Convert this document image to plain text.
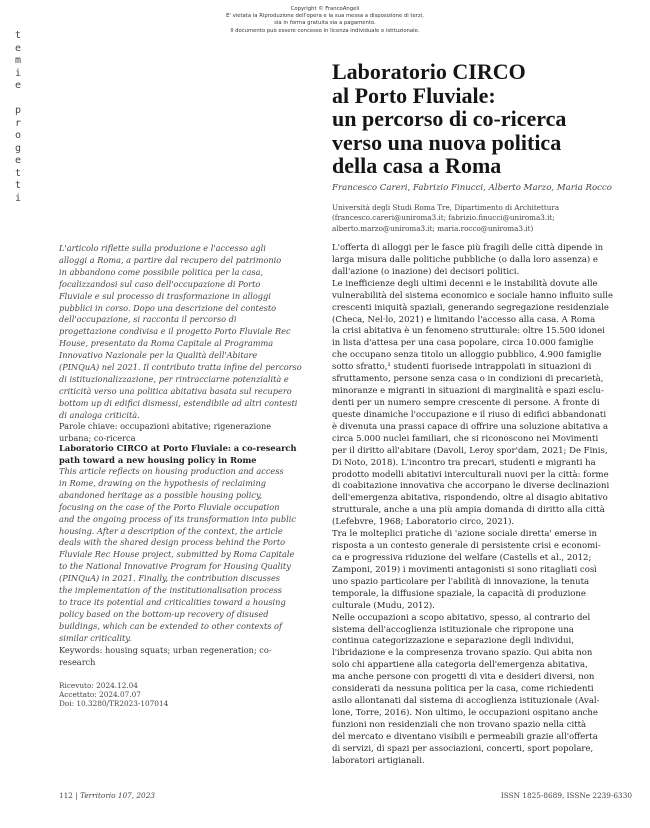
Copyright © FrancoAngeli
E' vietata la Riproduzione dell'opera e la sua messa a disposizione di terzi,
sia in forma gratuita sia a pagamento.
Il documento può essere concesso in licenza individuale o istituzionale.
t
e
m
i
e
p
r
o
g
e
t
t
i
Laboratorio CIRCO
al Porto Fluviale:
un percorso di co-ricerca
verso una nuova politica
della casa a Roma
Francesco Careri, Fabrizio Finucci, Alberto Marzo, Maria Rocco
Università degli Studi Roma Tre, Dipartimento di Architettura
(francesco.careri@uniroma3.it; fabrizio.finucci@uniroma3.it;
alberto.marzo@uniroma3.it; maria.rocco@uniroma3.it)
L'articolo riflette sulla produzione e l'accesso agli
alloggi a Roma, a partire dal recupero del patrimonio
in abbandono come possibile politica per la casa,
focalizzandosi sul caso dell'occupazione di Porto
Fluviale e sul processo di trasformazione in alloggi
pubblici in corso. Dopo una descrizione del contesto
dell'occupazione, si racconta il percorso di
progettazione condivisa e il progetto Porto Fluviale Rec
House, presentato da Roma Capitale al Programma
Innovativo Nazionale per la Qualità dell'Abitare
(PINQuA) nel 2021. Il contributo tratta infine del percorso
di istituzionalizzazione, per rintracciarne potenzialità e
criticità verso una politica abitativa basata sul recupero
bottom up di edifici dismessi, estendibile ad altri contesti
di analoga criticità.
Parole chiave: occupazioni abitative; rigenerazione
urbana; co-ricerca
Laboratorio CIRCO at Porto Fluviale: a co-research
path toward a new housing policy in Rome
This article reflects on housing production and access
in Rome, drawing on the hypothesis of reclaiming
abandoned heritage as a possible housing policy,
focusing on the case of the Porto Fluviale occupation
and the ongoing process of its transformation into public
housing. After a description of the context, the article
deals with the shared design process behind the Porto
Fluviale Rec House project, submitted by Roma Capitale
to the National Innovative Program for Housing Quality
(PINQuA) in 2021. Finally, the contribution discusses
the implementation of the institutionalisation process
to trace its potential and criticalities toward a housing
policy based on the bottom-up recovery of disused
buildings, which can be extended to other contexts of
similar criticality.
Keywords: housing squats; urban regeneration; co-
research
Ricevuto: 2024.12.04
Accettato: 2024.07.07
Doi: 10.3280/TR2023-107014
L'offerta di alloggi per le fasce più fragili delle città dipende in
larga misura dalle politiche pubbliche (o dalla loro assenza) e
dall'azione (o inazione) dei decisori politici.
Le inefficienze degli ultimi decenni e le instabilità dovute alle
vulnerabilità del sistema economico e sociale hanno influito sulle
crescenti iniquità spaziali, generando segregazione residenziale
(Checa, Nel·lo, 2021) e limitando l'accesso alla casa. A Roma
la crisi abitativa è un fenomeno strutturale: oltre 15.500 idonei
in lista d'attesa per una casa popolare, circa 10.000 famiglie
che occupano senza titolo un alloggio pubblico, 4.900 famiglie
sotto sfratto,¹ studenti fuorisede intrappolati in situazioni di
sfruttamento, persone senza casa o in condizioni di precarietà,
minoranze e migranti in situazioni di marginalità e spazi esclu-
denti per un numero sempre crescente di persone. A fronte di
queste dinamiche l'occupazione e il riuso di edifici abbandonati
è divenuta una prassi capace di offrire una soluzione abitativa a
circa 5.000 nuclei familiari, che si riconoscono nei Movimenti
per il diritto all'abitare (Davoli, Leroy spor'dam, 2021; De Finis,
Di Noto, 2018). L'incontro tra precari, studenti e migranti ha
prodotto modelli abitativi interculturali nuovi per la città: forme
di coabitazione innovativa che accorpano le diverse declinazioni
dell'emergenza abitativa, rispondendo, oltre al disagio abitativo
strutturale, anche a una più ampia domanda di diritto alla città
(Lefebvre, 1968; Laboratorio circo, 2021).
Tra le molteplici pratiche di 'azione sociale diretta' emerse in
risposta a un contesto generale di persistente crisi e economi-
ca e progressiva riduzione del welfare (Castells et al., 2012;
Zamponi, 2019) i movimenti antagonisti si sono ritagliati così
uno spazio particolare per l'abilità di innovazione, la tenuta
temporale, la diffusione spaziale, la capacità di produzione
culturale (Mudu, 2012).
Nelle occupazioni a scopo abitativo, spesso, al contrario del
sistema dell'accoglienza istituzionale che ripropone una
continua categorizzazione e separazione degli individui,
l'ibridazione e la compresenza trovano spazio. Qui abita non
solo chi appartiene alla categoria dell'emergenza abitativa,
ma anche persone con progetti di vita e desideri diversi, non
considerati da nessuna politica per la casa, come richiedenti
asilo allontanati dal sistema di accoglienza istituzionale (Aval-
lone, Torre, 2016). Non ultimo, le occupazioni ospitano anche
funzioni non residenziali che non trovano spazio nella città
del mercato e diventano visibili e permeabili grazie all'offerta
di servizi, di spazi per associazioni, concerti, sport popolare,
laboratori artigianali.
112 | Territorio 107, 2023	ISSN 1825-8689, ISSNe 2239-6330
